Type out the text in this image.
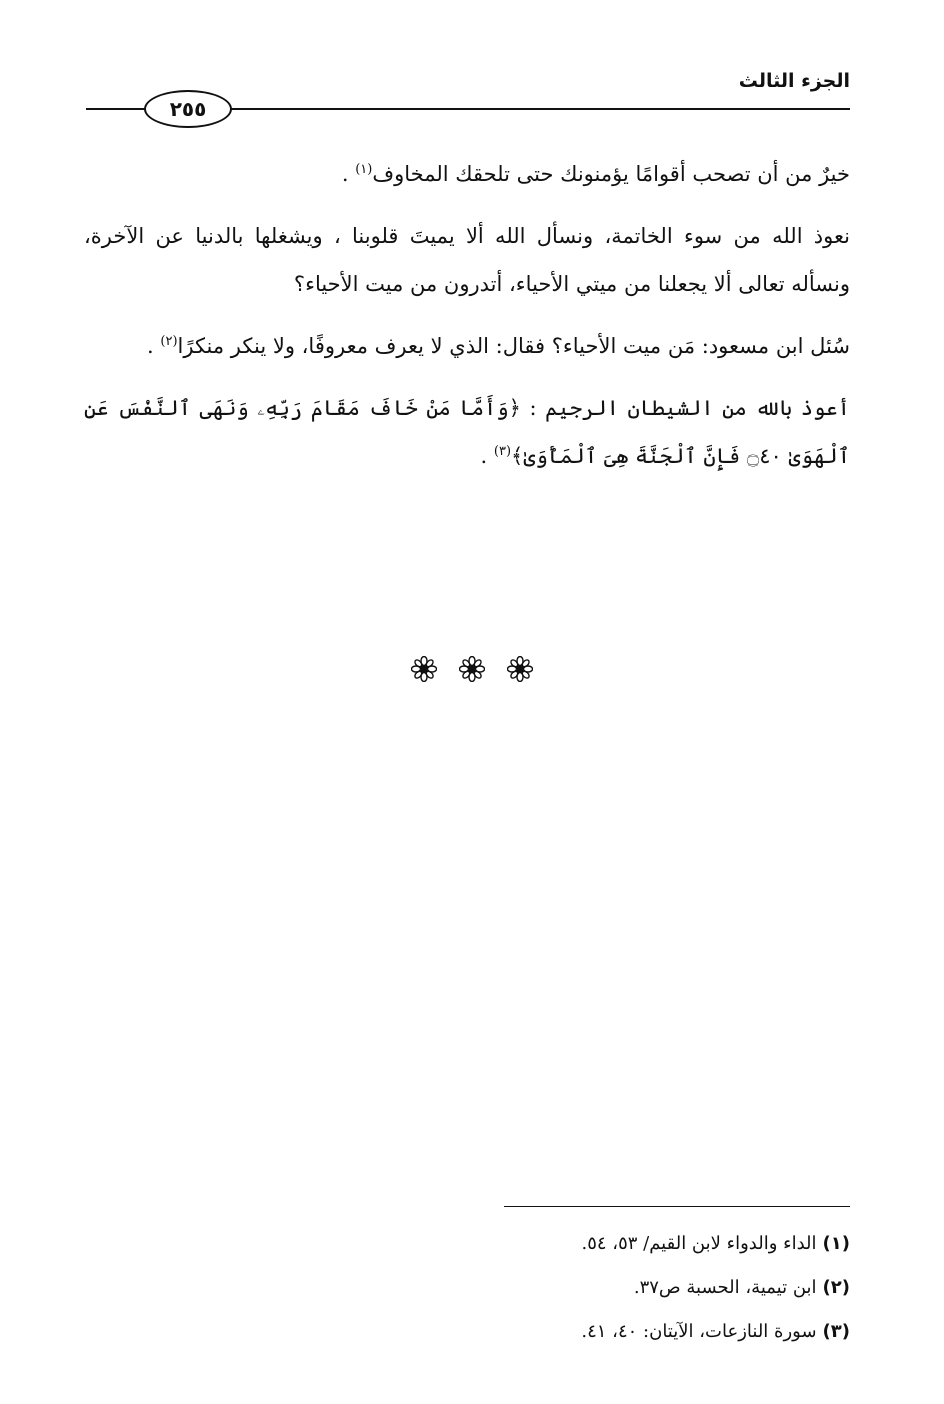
الجزء الثالث
٢٥٥

خيرٌ من أن تصحب أقوامًا يؤمنونك حتى تلحقك المخاوف$^{(١)}$ .

نعوذ الله من سوء الخاتمة، ونسأل الله ألا يميتَ قلوبنا ، ويشغلها بالدنيا عن الآخرة، ونسأله تعالى ألا يجعلنا من ميتي الأحياء، أتدرون من ميت الأحياء؟

سُئل ابن مسعود: مَن ميت الأحياء؟ فقال: الذي لا يعرف معروفًا، ولا ينكر منكرًا$^{(٢)}$ .

أعوذ بالله من الشيطان الرجيم : ﴿وَأَمَّا مَنْ خَافَ مَقَامَ رَبِّهِۦ وَنَهَى ٱلنَّفْسَ عَنِ ٱلْهَوَىٰ ۝٤٠ فَإِنَّ ٱلْجَنَّةَ هِىَ ٱلْمَأْوَىٰ﴾$^{(٣)}$ .

(١)الداء والدواء لابن القيم/ ٥٣، ٥٤.

(٢)ابن تيمية، الحسبة ص٣٧.

(٣)سورة النازعات، الآيتان: ٤٠، ٤١.
